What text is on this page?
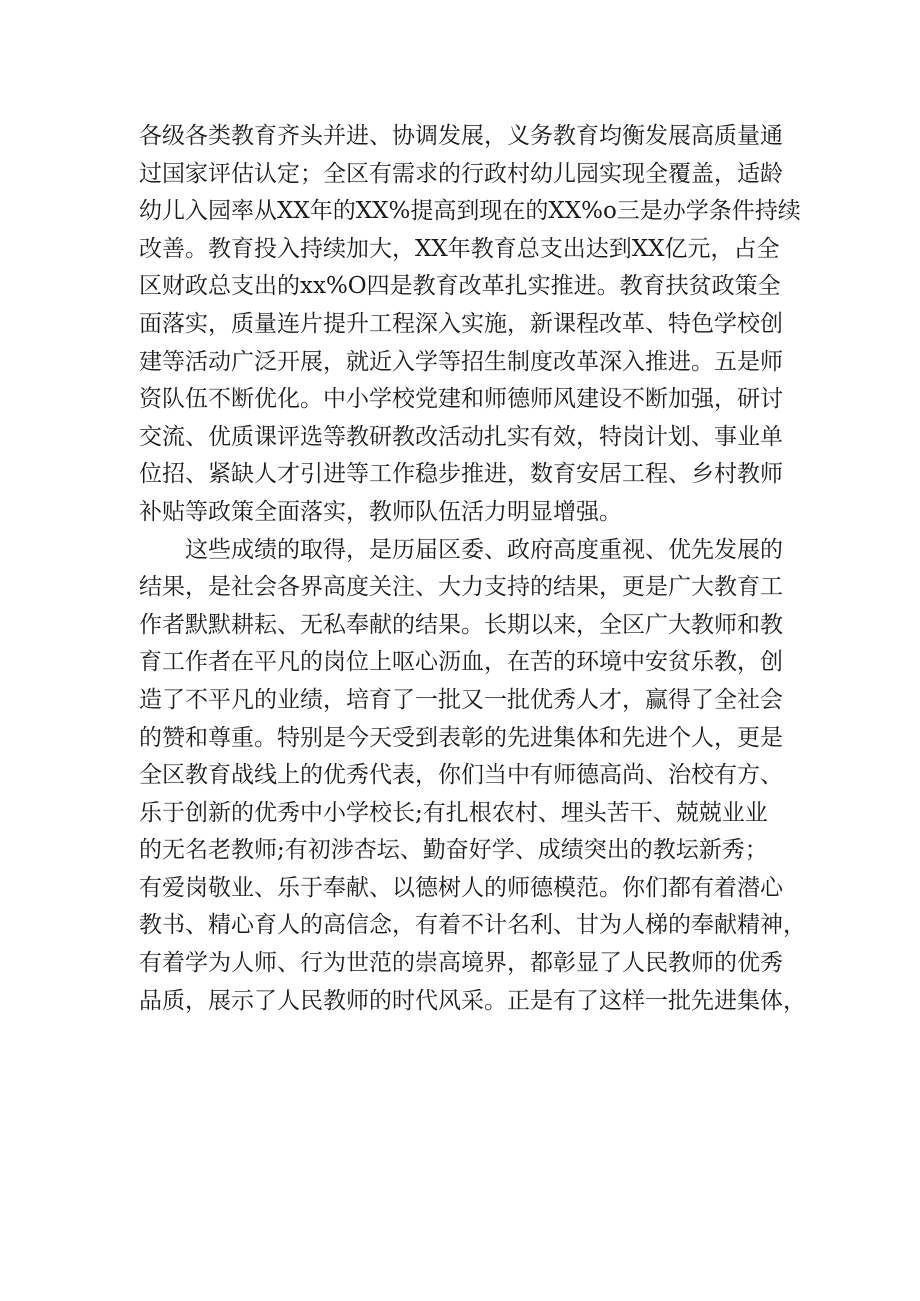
各级各类教育齐头并进、协调发展，义务教育均衡发展高质量通
过国家评估认定；全区有需求的行政村幼儿园实现全覆盖，适龄
幼儿入园率从XX年的XX%提高到现在的XX%o三是办学条件持续
改善。教育投入持续加大，XX年教育总支出达到XX亿元，占全
区财政总支出的xx%O四是教育改革扎实推进。教育扶贫政策全
面落实，质量连片提升工程深入实施，新课程改革、特色学校创
建等活动广泛开展，就近入学等招生制度改革深入推进。五是师
资队伍不断优化。中小学校党建和师德师风建设不断加强，研讨
交流、优质课评选等教研教改活动扎实有效，特岗计划、事业单
位招、紧缺人才引进等工作稳步推进，数育安居工程、乡村教师
补贴等政策全面落实，教师队伍活力明显增强。
这些成绩的取得，是历届区委、政府高度重视、优先发展的
结果，是社会各界高度关注、大力支持的结果，更是广大教育工
作者默默耕耘、无私奉献的结果。长期以来，全区广大教师和教
育工作者在平凡的岗位上呕心沥血，在苦的环境中安贫乐教，创
造了不平凡的业绩，培育了一批又一批优秀人才，赢得了全社会
的赞和尊重。特别是今天受到表彰的先进集体和先进个人，更是
全区教育战线上的优秀代表，你们当中有师德高尚、治校有方、
乐于创新的优秀中小学校长;有扎根农村、埋头苦干、兢兢业业
的无名老教师;有初涉杏坛、勤奋好学、成绩突出的教坛新秀；
有爱岗敬业、乐于奉献、以德树人的师德模范。你们都有着潜心
教书、精心育人的高信念，有着不计名利、甘为人梯的奉献精神，
有着学为人师、行为世范的崇高境界，都彰显了人民教师的优秀
品质，展示了人民教师的时代风采。正是有了这样一批先进集体，
